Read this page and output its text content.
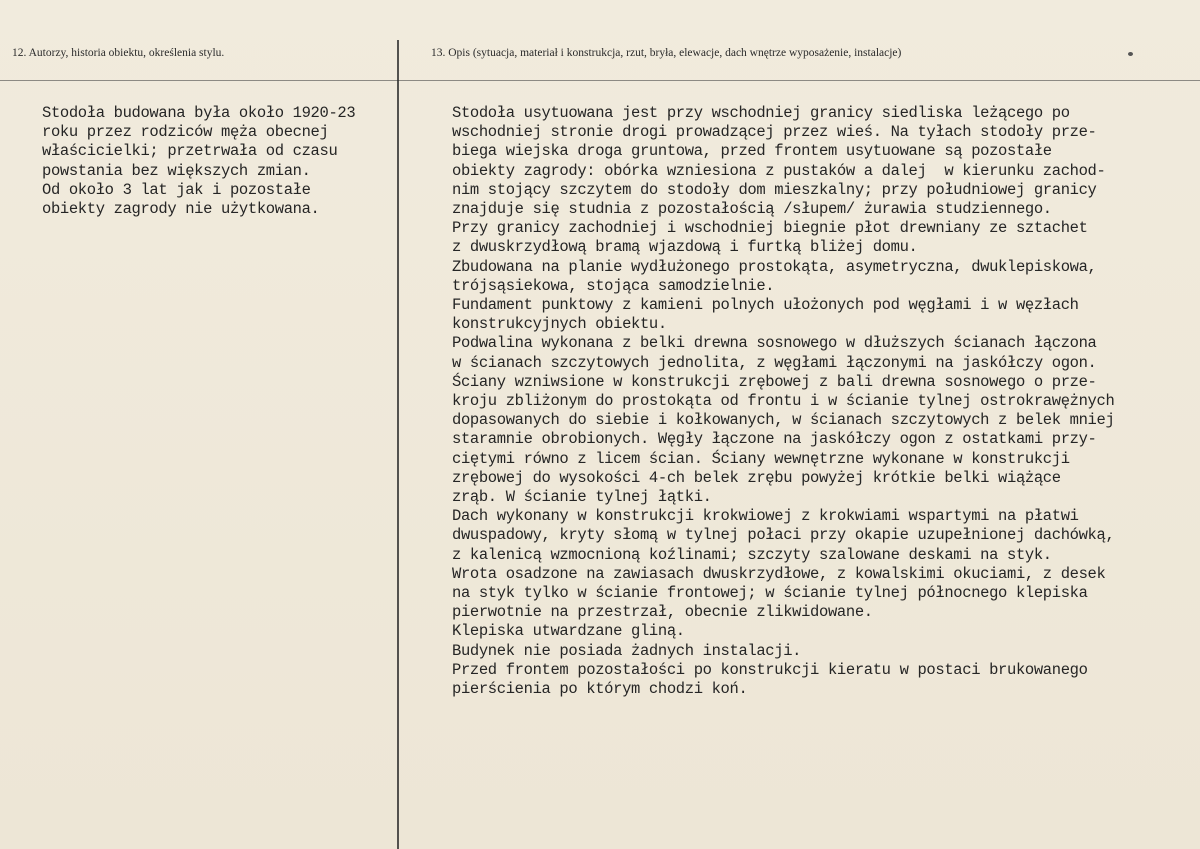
12. Autorzy, historia obiektu, określenia stylu.	13. Opis (sytuacja, materiał i konstrukcja, rzut, bryła, elewacje, dach wnętrze wyposażenie, instalacje)
Stodoła budowana była około 1920-23
roku przez rodziców męża obecnej
właścicielki; przetrwała od czasu
powstania bez większych zmian.
Od około 3 lat jak i pozostałe
obiekty zagrody nie użytkowana.
Stodoła usytuowana jest przy wschodniej granicy siedliska leżącego po
wschodniej stronie drogi prowadzącej przez wieś. Na tyłach stodoły prze-
biega wiejska droga gruntowa, przed frontem usytuowane są pozostałe
obiekty zagrody: obórka wzniesiona z pustaków a dalej  w kierunku zachod-
nim stojący szczytem do stodoły dom mieszkalny; przy południowej granicy
znajduje się studnia z pozostałością /słupem/ żurawia studziennego.
Przy granicy zachodniej i wschodniej biegnie płot drewniany ze sztachet
z dwuskrzydłową bramą wjazdową i furtką bliżej domu.
Zbudowana na planie wydłużonego prostokąta, asymetryczna, dwuklepiskowa,
trójsąsiekowa, stojąca samodzielnie.
Fundament punktowy z kamieni polnych ułożonych pod węgłami i w węzłach
konstrukcyjnych obiektu.
Podwalina wykonana z belki drewna sosnowego w dłuższych ścianach łączona
w ścianach szczytowych jednolita, z węgłami łączonymi na jaskółczy ogon.
Ściany wzniwsione w konstrukcji zrębowej z bali drewna sosnowego o prze-
kroju zbliżonym do prostokąta od frontu i w ścianie tylnej ostrokrawężnych
dopasowanych do siebie i kołkowanych, w ścianach szczytowych z belek mniej
staramnie obrobionych. Węgły łączone na jaskółczy ogon z ostatkami przy-
ciętymi równo z licem ścian. Ściany wewnętrzne wykonane w konstrukcji
zrębowej do wysokości 4-ch belek zrębu powyżej krótkie belki wiążące
zrąb. W ścianie tylnej łątki.
Dach wykonany w konstrukcji krokwiowej z krokwiami wspartymi na płatwi
dwuspadowy, kryty słomą w tylnej połaci przy okapie uzupełnionej dachówką,
z kalenicą wzmocnioną koźlinami; szczyty szalowane deskami na styk.
Wrota osadzone na zawiasach dwuskrzydłowe, z kowalskimi okuciami, z desek
na styk tylko w ścianie frontowej; w ścianie tylnej północnego klepiska
pierwotnie na przestrzał, obecnie zlikwidowane.
Klepiska utwardzane gliną.
Budynek nie posiada żadnych instalacji.
Przed frontem pozostałości po konstrukcji kieratu w postaci brukowanego
pierścienia po którym chodzi koń.
